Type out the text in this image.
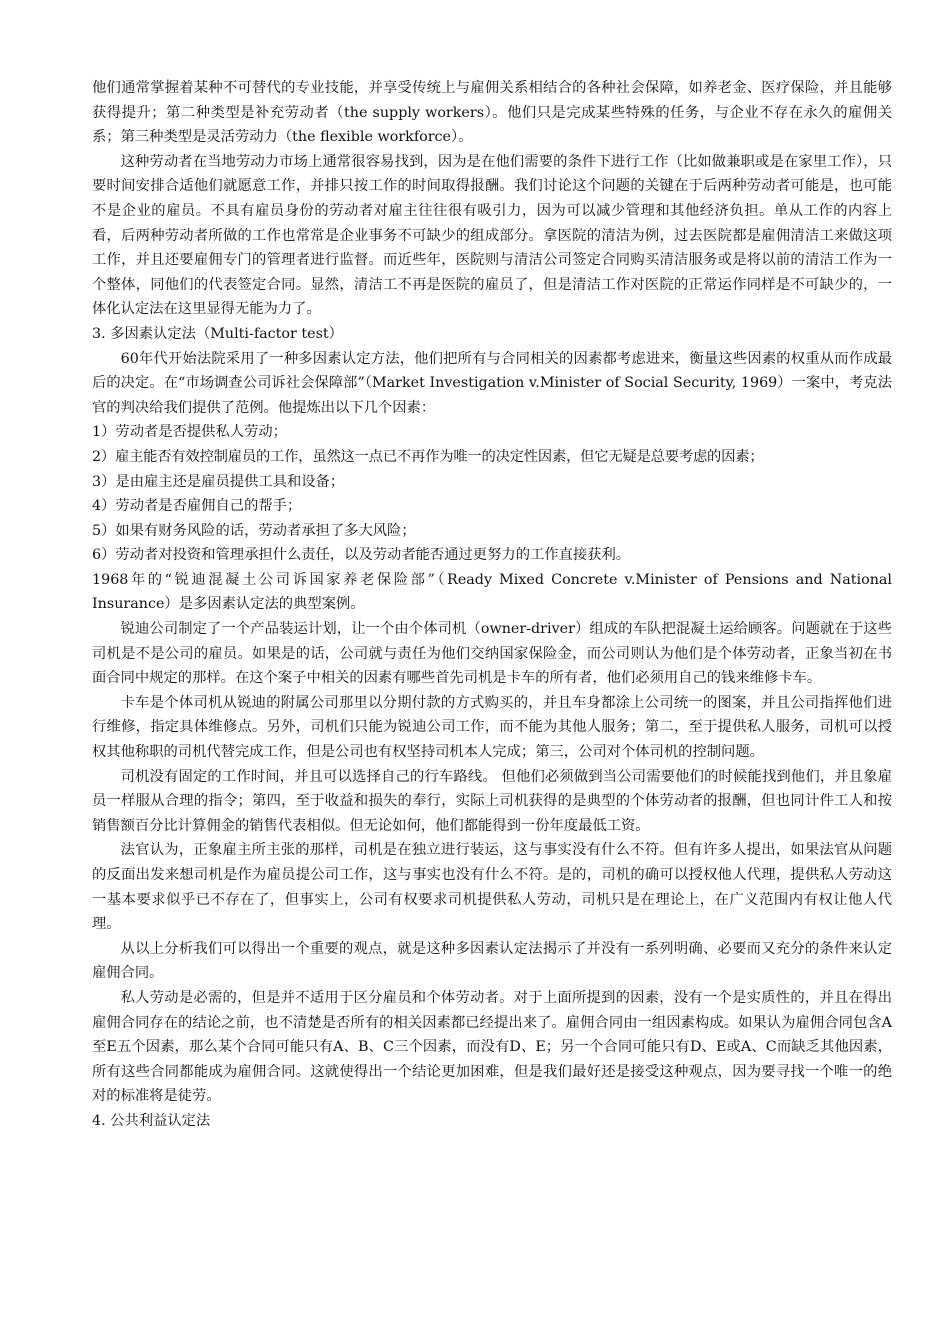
他们通常掌握着某种不可替代的专业技能，并享受传统上与雇佣关系相结合的各种社会保障，如养老金、医疗保险，并且能够获得提升；第二种类型是补充劳动者（the supply workers）。他们只是完成某些特殊的任务，与企业不存在永久的雇佣关系；第三种类型是灵活劳动力（the flexible workforce）。

这种劳动者在当地劳动力市场上通常很容易找到，因为是在他们需要的条件下进行工作（比如做兼职或是在家里工作），只要时间安排合适他们就愿意工作，并排只按工作的时间取得报酬。我们讨论这个问题的关键在于后两种劳动者可能是，也可能不是企业的雇员。不具有雇员身份的劳动者对雇主往往很有吸引力，因为可以减少管理和其他经济负担。单从工作的内容上看，后两种劳动者所做的工作也常常是企业事务不可缺少的组成部分。拿医院的清洁为例，过去医院都是雇佣清洁工来做这项工作，并且还要雇佣专门的管理者进行监督。而近些年，医院则与清洁公司签定合同购买清洁服务或是将以前的清洁工作为一个整体，同他们的代表签定合同。显然，清洁工不再是医院的雇员了，但是清洁工作对医院的正常运作同样是不可缺少的，一体化认定法在这里显得无能为力了。

3. 多因素认定法（Multi-factor test）

60年代开始法院采用了一种多因素认定方法，他们把所有与合同相关的因素都考虑进来，衡量这些因素的权重从而作成最后的决定。在“市场调查公司诉社会保障部”（Market Investigation v.Minister of Social Security, 1969）一案中，考克法官的判决给我们提供了范例。他提炼出以下几个因素：

1）劳动者是否提供私人劳动；

2）雇主能否有效控制雇员的工作，虽然这一点已不再作为唯一的决定性因素，但它无疑是总要考虑的因素；

3）是由雇主还是雇员提供工具和设备；

4）劳动者是否雇佣自己的帮手；

5）如果有财务风险的话，劳动者承担了多大风险；

6）劳动者对投资和管理承担什么责任，以及劳动者能否通过更努力的工作直接获利。

1968年的“锐迪混凝土公司诉国家养老保险部”（Ready Mixed Concrete v.Minister of Pensions and National Insurance）是多因素认定法的典型案例。

锐迪公司制定了一个产品装运计划，让一个由个体司机（owner-driver）组成的车队把混凝土运给顾客。问题就在于这些司机是不是公司的雇员。如果是的话，公司就与责任为他们交纳国家保险金，而公司则认为他们是个体劳动者，正象当初在书面合同中规定的那样。在这个案子中相关的因素有哪些首先司机是卡车的所有者，他们必须用自己的钱来维修卡车。

卡车是个体司机从锐迪的附属公司那里以分期付款的方式购买的，并且车身都涂上公司统一的图案，并且公司指挥他们进行维修，指定具体维修点。另外，司机们只能为锐迪公司工作，而不能为其他人服务；第二，至于提供私人服务，司机可以授权其他称职的司机代替完成工作，但是公司也有权坚持司机本人完成；第三，公司对个体司机的控制问题。

司机没有固定的工作时间，并且可以选择自己的行车路线。 但他们必须做到当公司需要他们的时候能找到他们，并且象雇员一样服从合理的指令；第四，至于收益和损失的奉行，实际上司机获得的是典型的个体劳动者的报酬，但也同计件工人和按销售额百分比计算佣金的销售代表相似。但无论如何，他们都能得到一份年度最低工资。

法官认为，正象雇主所主张的那样，司机是在独立进行装运，这与事实没有什么不符。但有许多人提出，如果法官从问题的反面出发来想司机是作为雇员提公司工作，这与事实也没有什么不符。是的，司机的确可以授权他人代理，提供私人劳动这一基本要求似乎已不存在了，但事实上，公司有权要求司机提供私人劳动，司机只是在理论上，在广义范围内有权让他人代理。

从以上分析我们可以得出一个重要的观点，就是这种多因素认定法揭示了并没有一系列明确、必要而又充分的条件来认定雇佣合同。

私人劳动是必需的，但是并不适用于区分雇员和个体劳动者。对于上面所提到的因素，没有一个是实质性的，并且在得出雇佣合同存在的结论之前，也不清楚是否所有的相关因素都已经提出来了。雇佣合同由一组因素构成。如果认为雇佣合同包含A至E五个因素，那么某个合同可能只有A、B、C三个因素，而没有D、E；另一个合同可能只有D、E或A、C而缺乏其他因素，所有这些合同都能成为雇佣合同。这就使得出一个结论更加困难，但是我们最好还是接受这种观点，因为要寻找一个唯一的绝对的标准将是徒劳。

4. 公共利益认定法
